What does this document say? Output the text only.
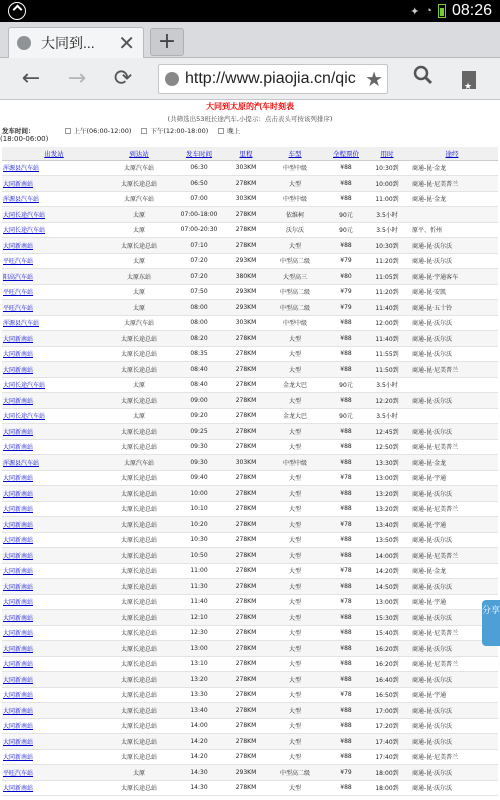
✦ ◔ 08:26
大同到... ✕	+
← → ⟳	http://www.piaojia.cn/qic ★
★
大同到太原的汽车时刻表
(共筛选出53班长途汽车,小提示：点击表头可按该列排序)
发车时间：	上午(06:00-12:00)	下午(12:00-18:00)	晚上
(18:00-06:00)
出发站	到达站	发车时间	里程	车型	全程票价	用时	途经
浑源县汽车站	太原汽车站	06:30	303KM	中型中级	¥88	10:30到	商通-昆·金龙
大同新南站	太原长途总站	06:50	278KM	大型	¥88	10:00到	商通-昆·尼美普兰
浑源县汽车站	太原汽车站	07:00	303KM	中型中级	¥88	11:00到	商通-昆·金龙
大同长途汽车站	太原	07:00-18:00	278KM	依维柯	90元	3.5小时	
大同长途汽车站	太原	07:00-20:30	278KM	沃尔沃	90元	3.5小时	原平、忻州
大同新南站	太原长途总站	07:10	278KM	大型	¥88	10:30到	商通-昆·沃尔沃
平旺汽车站	太原	07:20	293KM	中型高二级	¥79	11:20到	商通-昆·沃尔沃
阳高汽车站	太原东站	07:20	380KM	大型高三	¥80	11:05到	商通-昆·宇通客车
平旺汽车站	太原	07:50	293KM	中型高二级	¥79	11:20到	商通-昆·安凯
平旺汽车站	太原	08:00	293KM	中型高二级	¥79	11:40到	商通-昆·五十铃
浑源县汽车站	太原汽车站	08:00	303KM	中型中级	¥88	12:00到	商通-昆·沃尔沃
大同新南站	太原长途总站	08:20	278KM	大型	¥88	11:40到	商通-昆·沃尔沃
大同新南站	太原长途总站	08:35	278KM	大型	¥88	11:55到	商通-昆·沃尔沃
大同新南站	太原长途总站	08:40	278KM	大型	¥88	11:50到	商通-昆·尼美普兰
大同长途汽车站	太原	08:40	278KM	金龙大巴	90元	3.5小时	
大同新南站	太原长途总站	09:00	278KM	大型	¥88	12:20到	商通-昆·沃尔沃
大同长途汽车站	太原	09:20	278KM	金龙大巴	90元	3.5小时	
大同新南站	太原长途总站	09:25	278KM	大型	¥88	12:45到	商通-昆·沃尔沃
大同新南站	太原长途总站	09:30	278KM	大型	¥88	12:50到	商通-昆·尼美普兰
浑源县汽车站	太原汽车站	09:30	303KM	中型中级	¥88	13:30到	商通-昆·金龙
大同新南站	太原长途总站	09:40	278KM	大型	¥78	13:00到	商通-昆·宇通
大同新南站	太原长途总站	10:00	278KM	大型	¥88	13:20到	商通-昆·沃尔沃
大同新南站	太原长途总站	10:10	278KM	大型	¥88	13:20到	商通-昆·尼美普兰
大同新南站	太原长途总站	10:20	278KM	大型	¥78	13:40到	商通-昆·宇通
大同新南站	太原长途总站	10:30	278KM	大型	¥88	13:50到	商通-昆·沃尔沃
大同新南站	太原长途总站	10:50	278KM	大型	¥88	14:00到	商通-昆·尼美普兰
大同新南站	太原长途总站	11:00	278KM	大型	¥78	14:20到	商通-昆·金龙
大同新南站	太原长途总站	11:30	278KM	大型	¥88	14:50到	商通-昆·沃尔沃
大同新南站	太原长途总站	11:40	278KM	大型	¥78	13:00到	商通-昆·宇通
大同新南站	太原长途总站	12:10	278KM	大型	¥88	15:30到	商通-昆·沃尔沃
大同新南站	太原长途总站	12:30	278KM	大型	¥88	15:40到	商通-昆·尼美普兰
大同新南站	太原长途总站	13:00	278KM	大型	¥88	16:20到	商通-昆·沃尔沃
大同新南站	太原长途总站	13:10	278KM	大型	¥88	16:20到	商通-昆·尼美普兰
大同新南站	太原长途总站	13:20	278KM	大型	¥88	16:40到	商通-昆·沃尔沃
大同新南站	太原长途总站	13:30	278KM	大型	¥78	16:50到	商通-昆·宇通
大同新南站	太原长途总站	13:40	278KM	大型	¥88	17:00到	商通-昆·沃尔沃
大同新南站	太原长途总站	14:00	278KM	大型	¥88	17:20到	商通-昆·沃尔沃
大同新南站	太原长途总站	14:20	278KM	大型	¥88	17:40到	商通-昆·沃尔沃
大同新南站	太原长途总站	14:20	278KM	大型	¥88	17:40到	商通-昆·尼美普兰
平旺汽车站	太原	14:30	293KM	中型高二级	¥79	18:00到	商通-昆·沃尔沃
大同新南站	太原长途总站	14:30	278KM	大型	¥88	18:00到	商通-昆·沃尔沃
分享
